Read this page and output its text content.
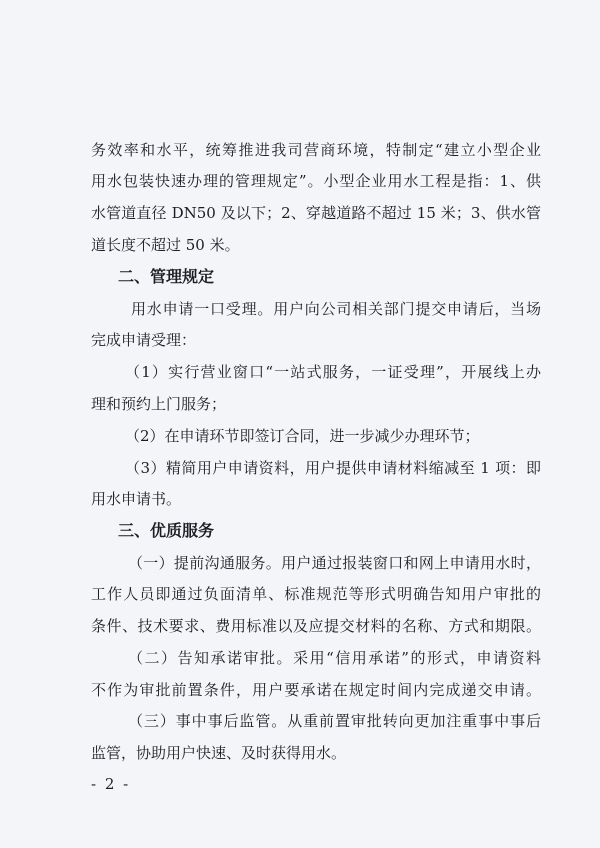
务效率和水平，统筹推进我司营商环境，特制定“建立小型企业
用水包装快速办理的管理规定”。小型企业用水工程是指：1、供
水管道直径 DN50 及以下；2、穿越道路不超过 15 米；3、供水管
道长度不超过 50 米。
二、管理规定
用水申请一口受理。用户向公司相关部门提交申请后，当场
完成申请受理：
（1）实行营业窗口“一站式服务，一证受理”，开展线上办
理和预约上门服务；
（2）在申请环节即签订合同，进一步减少办理环节；
（3）精简用户申请资料，用户提供申请材料缩减至 1 项：即
用水申请书。
三、优质服务
（一）提前沟通服务。用户通过报装窗口和网上申请用水时，
工作人员即通过负面清单、标准规范等形式明确告知用户审批的
条件、技术要求、费用标准以及应提交材料的名称、方式和期限。
（二）告知承诺审批。采用“信用承诺”的形式，申请资料
不作为审批前置条件，用户要承诺在规定时间内完成递交申请。
（三）事中事后监管。从重前置审批转向更加注重事中事后
监管，协助用户快速、及时获得用水。
- 2 -
